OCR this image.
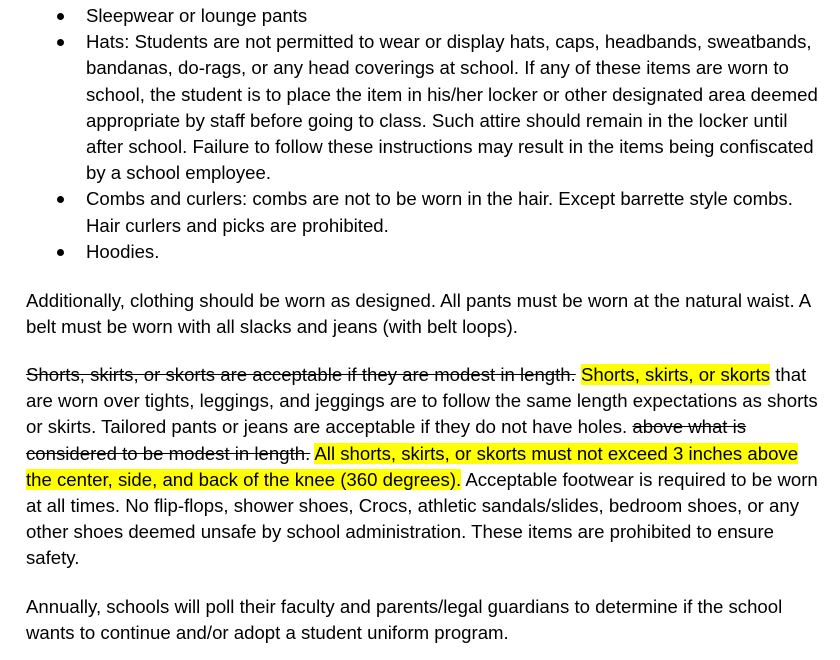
Sleepwear or lounge pants
Hats: Students are not permitted to wear or display hats, caps, headbands, sweatbands, bandanas, do-rags, or any head coverings at school. If any of these items are worn to school, the student is to place the item in his/her locker or other designated area deemed appropriate by staff before going to class. Such attire should remain in the locker until after school. Failure to follow these instructions may result in the items being confiscated by a school employee.
Combs and curlers: combs are not to be worn in the hair. Except barrette style combs. Hair curlers and picks are prohibited.
Hoodies.

Additionally, clothing should be worn as designed. All pants must be worn at the natural waist. A belt must be worn with all slacks and jeans (with belt loops).

Shorts, skirts, or skorts are acceptable if they are modest in length. Shorts, skirts, or skorts that are worn over tights, leggings, and jeggings are to follow the same length expectations as shorts or skirts. Tailored pants or jeans are acceptable if they do not have holes. above what is considered to be modest in length. All shorts, skirts, or skorts must not exceed 3 inches above the center, side, and back of the knee (360 degrees). Acceptable footwear is required to be worn at all times. No flip-flops, shower shoes, Crocs, athletic sandals/slides, bedroom shoes, or any other shoes deemed unsafe by school administration. These items are prohibited to ensure safety.

Annually, schools will poll their faculty and parents/legal guardians to determine if the school wants to continue and/or adopt a student uniform program.
